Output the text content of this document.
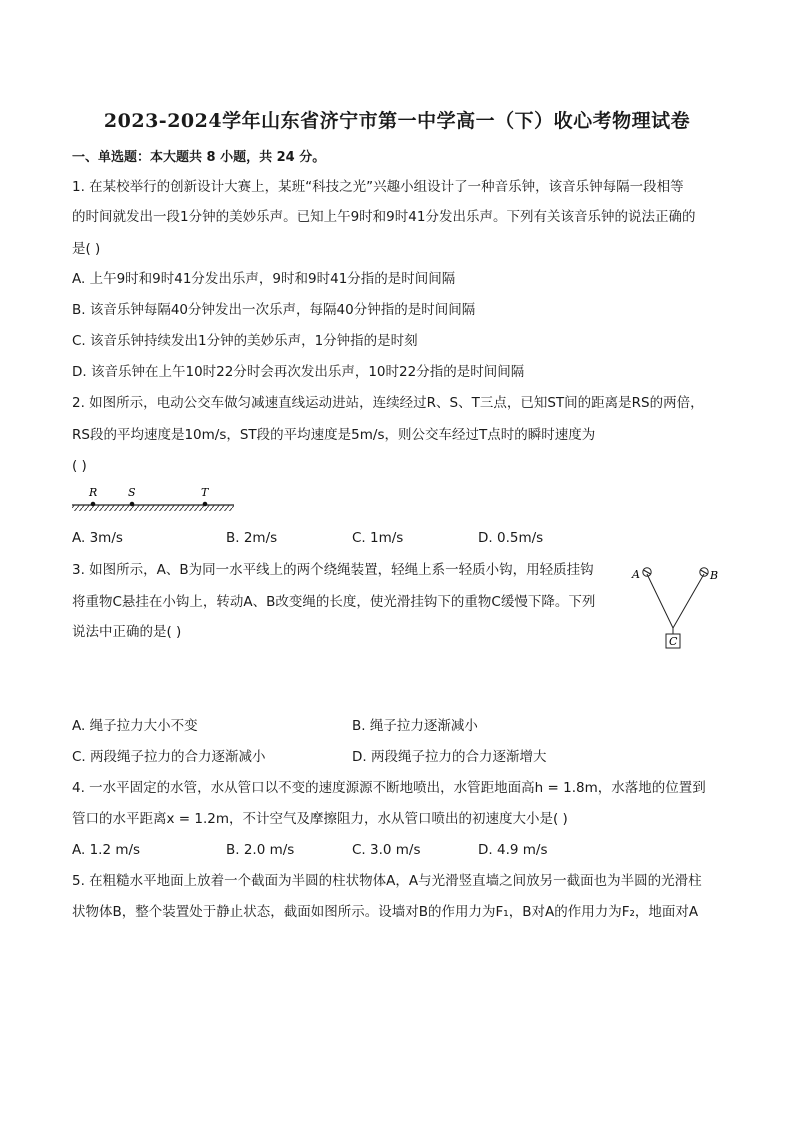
2023-2024学年山东省济宁市第一中学高一（下）收心考物理试卷
一、单选题：本大题共 8 小题，共 24 分。
1. 在某校举行的创新设计大赛上，某班“科技之光”兴趣小组设计了一种音乐钟，该音乐钟每隔一段相等
的时间就发出一段1分钟的美妙乐声。已知上午9时和9时41分发出乐声。下列有关该音乐钟的说法正确的
是( )
A. 上午9时和9时41分发出乐声，9时和9时41分指的是时间间隔
B. 该音乐钟每隔40分钟发出一次乐声，每隔40分钟指的是时间间隔
C. 该音乐钟持续发出1分钟的美妙乐声，1分钟指的是时刻
D. 该音乐钟在上午10时22分时会再次发出乐声，10时22分指的是时间间隔
2. 如图所示，电动公交车做匀减速直线运动进站，连续经过R、S、T三点，已知ST间的距离是RS的两倍，
RS段的平均速度是10m/s，ST段的平均速度是5m/s，则公交车经过T点时的瞬时速度为
( )
R	S	T
A. 3m/s	B. 2m/s	C. 1m/s	D. 0.5m/s
3. 如图所示，A、B为同一水平线上的两个绕绳装置，轻绳上系一轻质小钩，用轻质挂钩
将重物C悬挂在小钩上，转动A、B改变绳的长度，使光滑挂钩下的重物C缓慢下降。下列
说法中正确的是( )
A	B
C
A. 绳子拉力大小不变	B. 绳子拉力逐渐减小
C. 两段绳子拉力的合力逐渐减小	D. 两段绳子拉力的合力逐渐增大
4. 一水平固定的水管，水从管口以不变的速度源源不断地喷出，水管距地面高h = 1.8m，水落地的位置到
管口的水平距离x = 1.2m，不计空气及摩擦阻力，水从管口喷出的初速度大小是( )
A. 1.2 m/s	B. 2.0 m/s	C. 3.0 m/s	D. 4.9 m/s
5. 在粗糙水平地面上放着一个截面为半圆的柱状物体A，A与光滑竖直墙之间放另一截面也为半圆的光滑柱
状物体B，整个装置处于静止状态，截面如图所示。设墙对B的作用力为F₁，B对A的作用力为F₂，地面对A
